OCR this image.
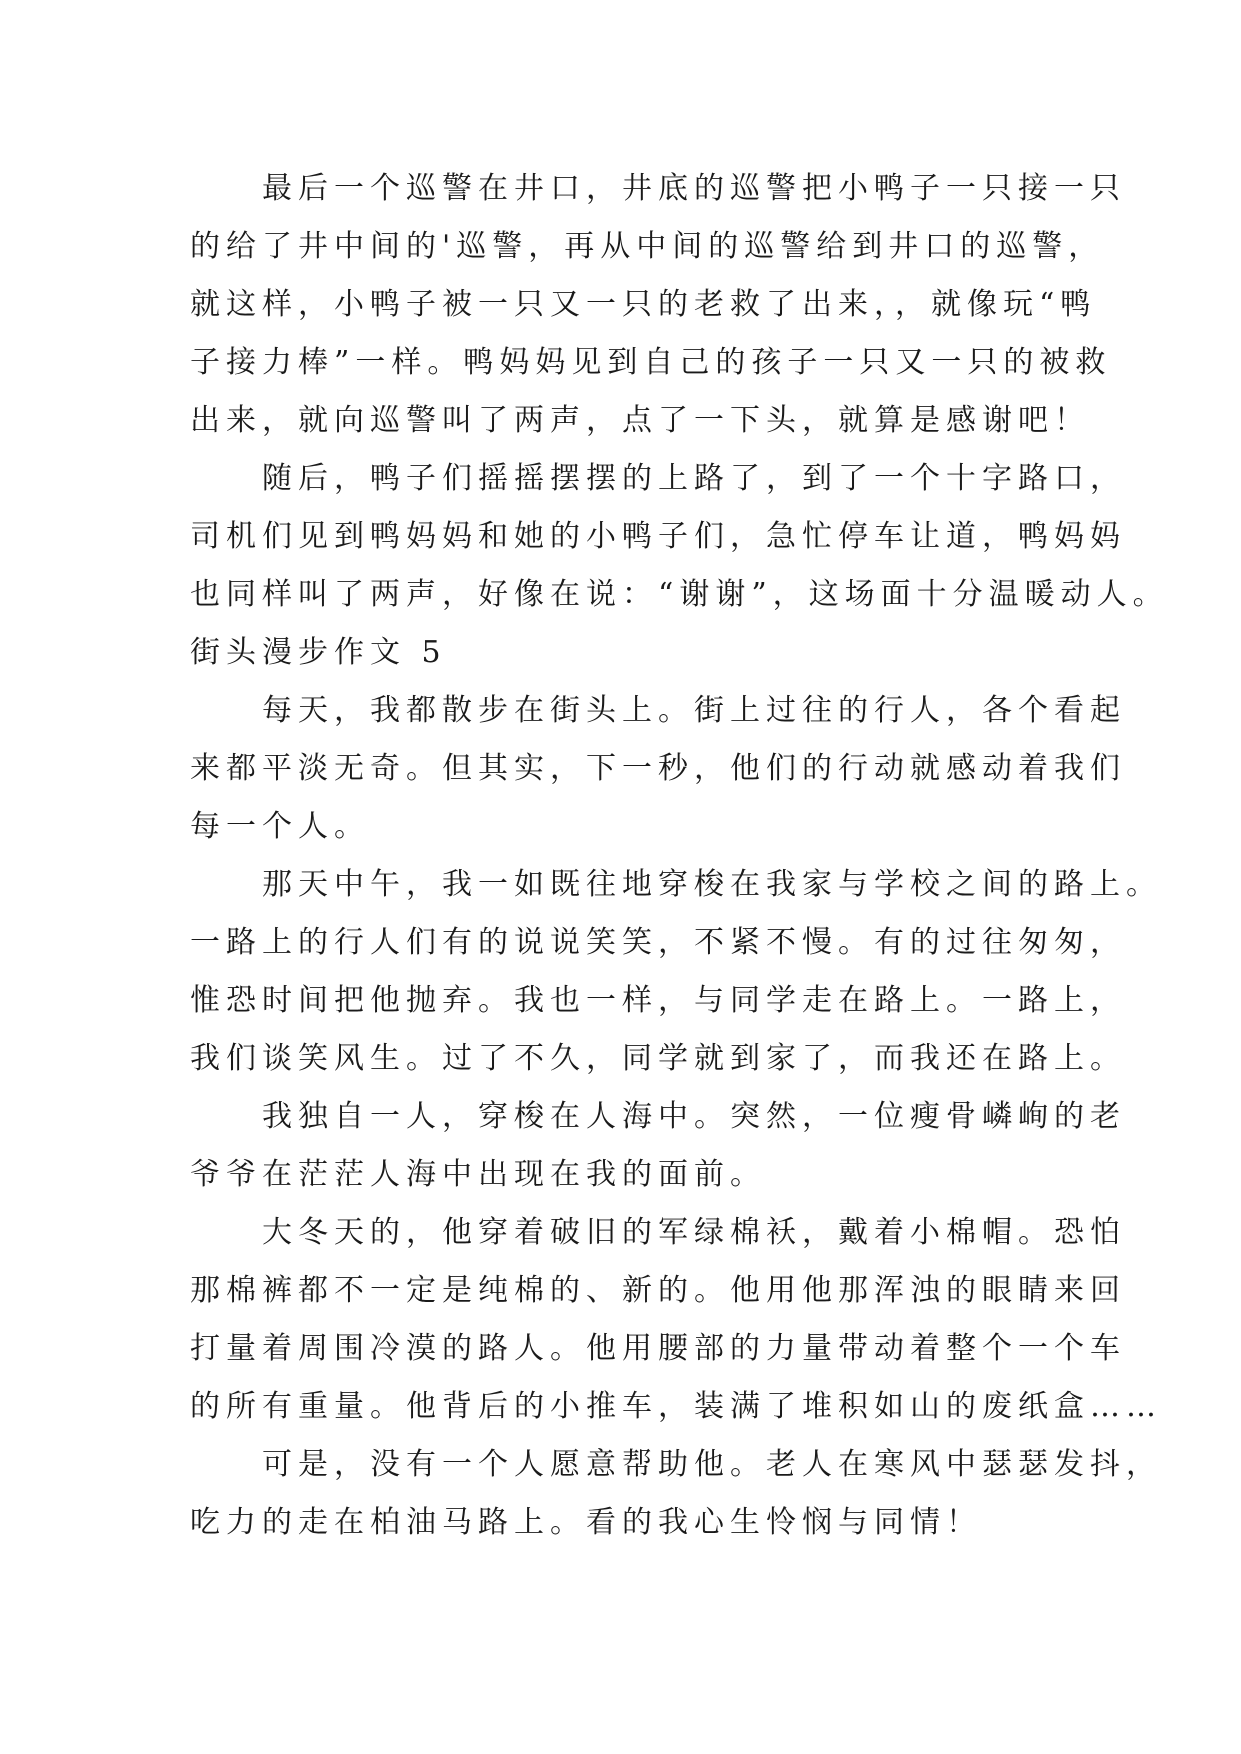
　　最后一个巡警在井口，井底的巡警把小鸭子一只接一只
的给了井中间的'巡警，再从中间的巡警给到井口的巡警，
就这样，小鸭子被一只又一只的老救了出来，，就像玩“鸭
子接力棒”一样。鸭妈妈见到自己的孩子一只又一只的被救
出来，就向巡警叫了两声，点了一下头，就算是感谢吧！
　　随后，鸭子们摇摇摆摆的上路了，到了一个十字路口，
司机们见到鸭妈妈和她的小鸭子们，急忙停车让道，鸭妈妈
也同样叫了两声，好像在说：“谢谢”，这场面十分温暖动人。
街头漫步作文 5
　　每天，我都散步在街头上。街上过往的行人，各个看起
来都平淡无奇。但其实，下一秒，他们的行动就感动着我们
每一个人。
　　那天中午，我一如既往地穿梭在我家与学校之间的路上。
一路上的行人们有的说说笑笑，不紧不慢。有的过往匆匆，
惟恐时间把他抛弃。我也一样，与同学走在路上。一路上，
我们谈笑风生。过了不久，同学就到家了，而我还在路上。
　　我独自一人，穿梭在人海中。突然，一位瘦骨嶙峋的老
爷爷在茫茫人海中出现在我的面前。
　　大冬天的，他穿着破旧的军绿棉袄，戴着小棉帽。恐怕
那棉裤都不一定是纯棉的、新的。他用他那浑浊的眼睛来回
打量着周围冷漠的路人。他用腰部的力量带动着整个一个车
的所有重量。他背后的小推车，装满了堆积如山的废纸盒……
　　可是，没有一个人愿意帮助他。老人在寒风中瑟瑟发抖，
吃力的走在柏油马路上。看的我心生怜悯与同情！
